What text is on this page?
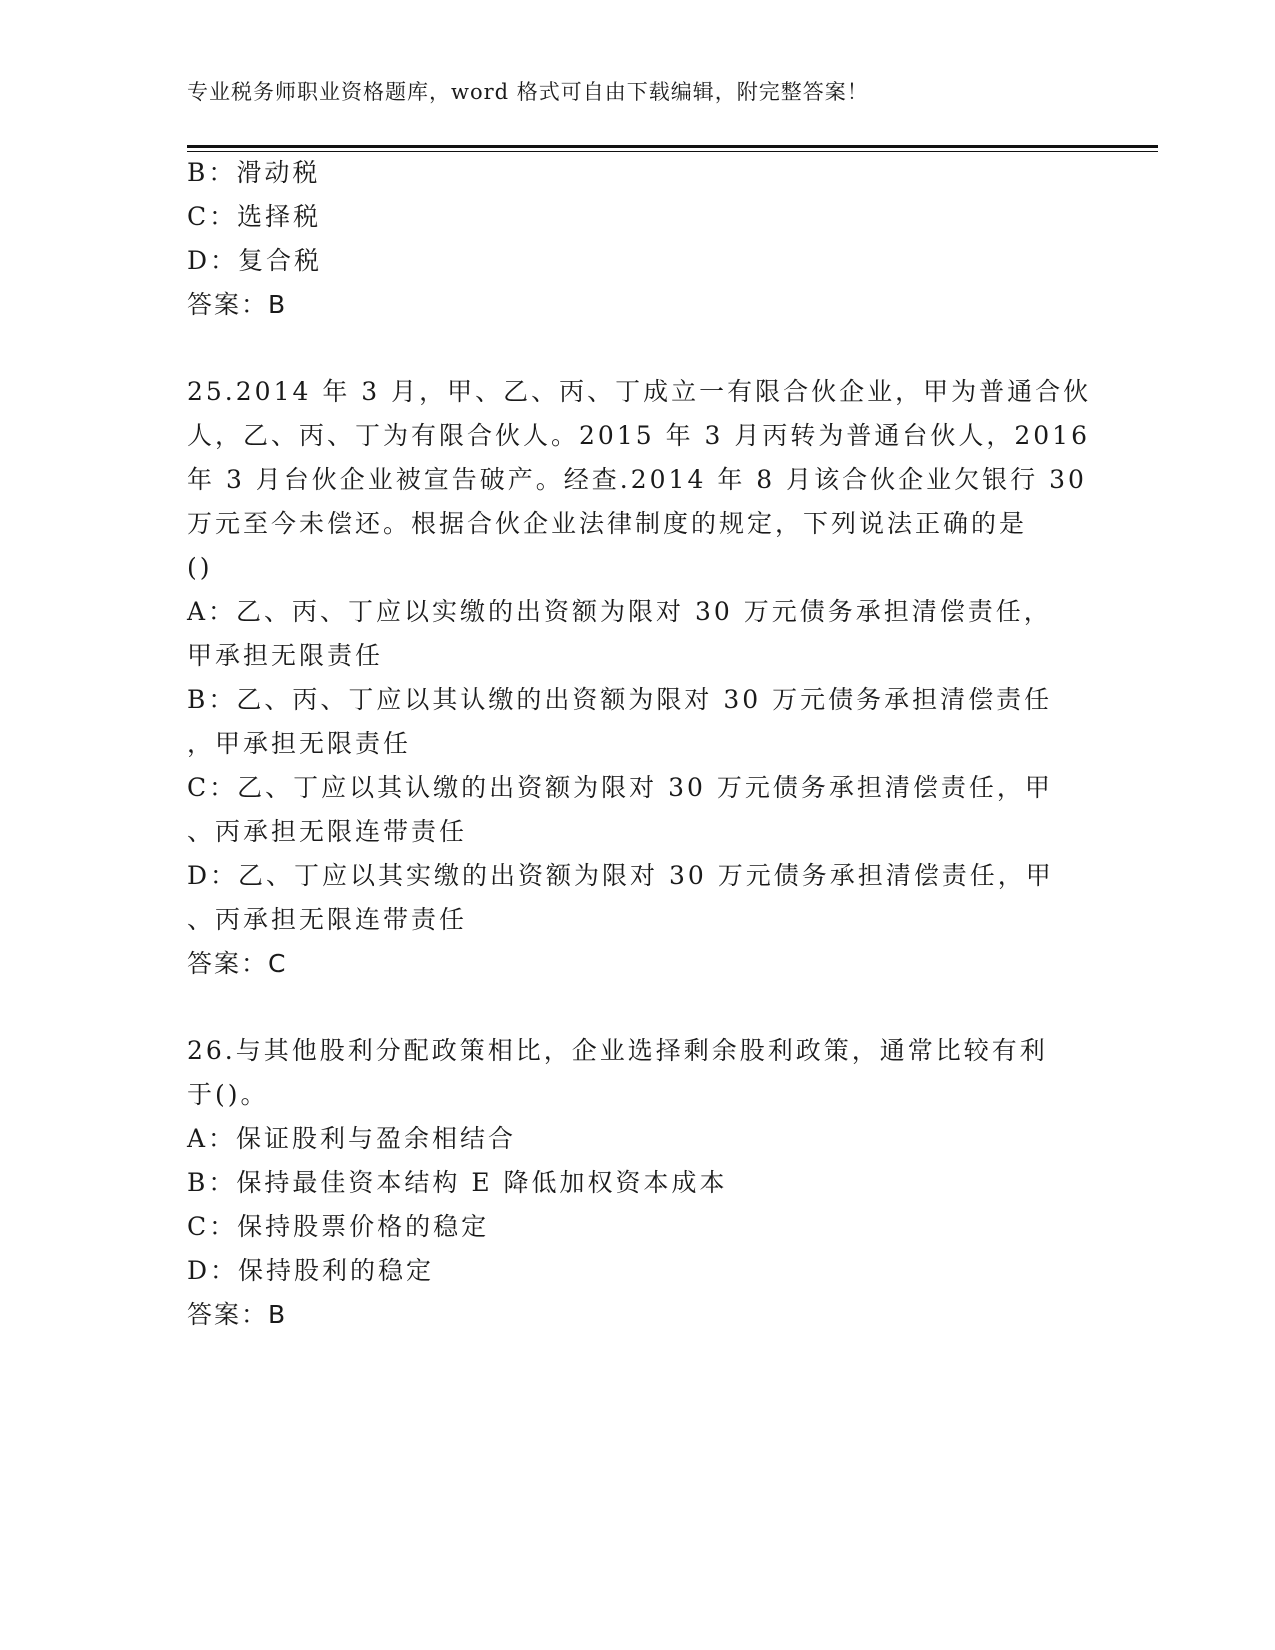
专业税务师职业资格题库，word 格式可自由下载编辑，附完整答案！
B：滑动税
C：选择税
D：复合税
答案：B
25.2014 年 3 月，甲、乙、丙、丁成立一有限合伙企业，甲为普通合伙
人，乙、丙、丁为有限合伙人。2015 年 3 月丙转为普通台伙人，2016
年 3 月台伙企业被宣告破产。经查.2014 年 8 月该合伙企业欠银行 30
万元至今未偿还。根据合伙企业法律制度的规定，下列说法正确的是
()
A：乙、丙、丁应以实缴的出资额为限对 30 万元债务承担清偿责任，
甲承担无限责任
B：乙、丙、丁应以其认缴的出资额为限对 30 万元债务承担清偿责任
，甲承担无限责任
C：乙、丁应以其认缴的出资额为限对 30 万元债务承担清偿责任，甲
、丙承担无限连带责任
D：乙、丁应以其实缴的出资额为限对 30 万元债务承担清偿责任，甲
、丙承担无限连带责任
答案：C
26.与其他股利分配政策相比，企业选择剩余股利政策，通常比较有利
于()。
A：保证股利与盈余相结合
B：保持最佳资本结构 E 降低加权资本成本
C：保持股票价格的稳定
D：保持股利的稳定
答案：B
